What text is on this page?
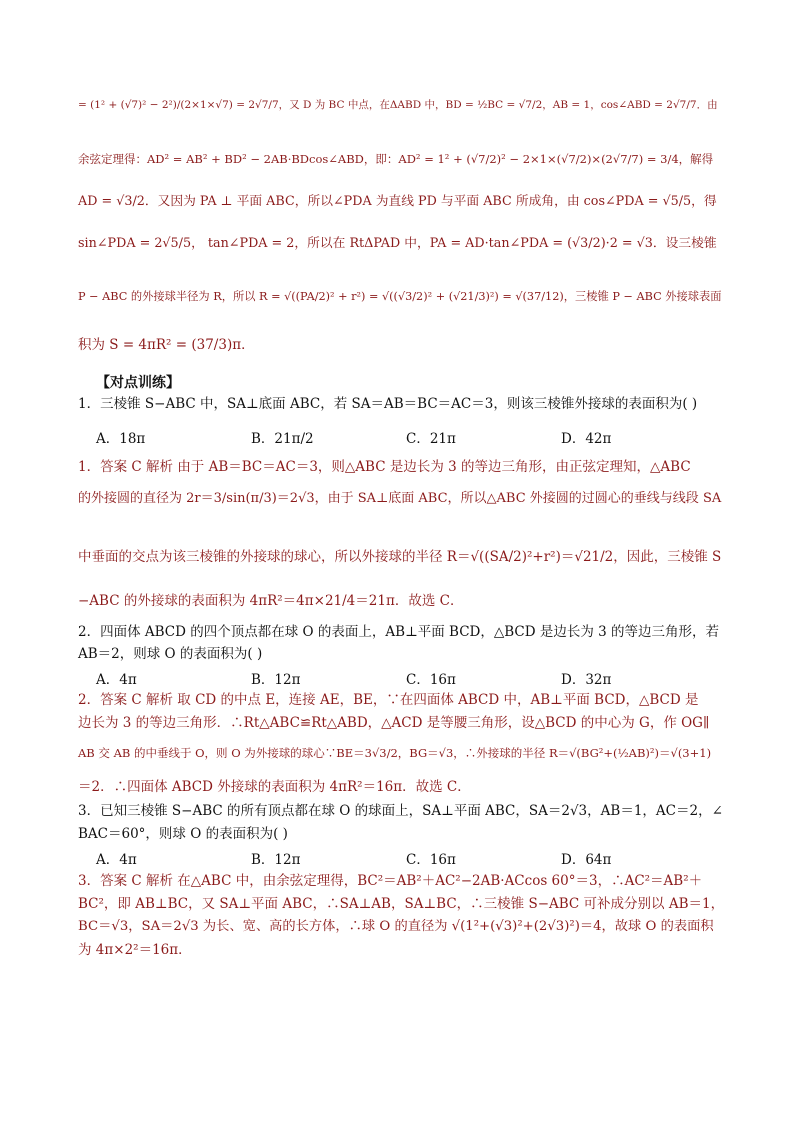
= (1² + (√7)² − 2²)/(2×1×√7) = 2√7/7，又 D 为 BC 中点，在ΔABD 中，BD = ½BC = √7/2，AB = 1，cos∠ABD = 2√7/7．由
余弦定理得：AD² = AB² + BD² − 2AB·BDcos∠ABD，即：AD² = 1² + (√7/2)² − 2×1×(√7/2)×(2√7/7) = 3/4，解得
AD = √3/2．又因为 PA ⊥ 平面 ABC，所以∠PDA 为直线 PD 与平面 ABC 所成角，由 cos∠PDA = √5/5，得
sin∠PDA = 2√5/5， tan∠PDA = 2，所以在 RtΔPAD 中，PA = AD·tan∠PDA = (√3/2)·2 = √3．设三棱锥
P − ABC 的外接球半径为 R，所以 R = √((PA/2)² + r²) = √((√3/2)² + (√21/3)²) = √(37/12)，三棱锥 P − ABC 外接球表面
积为 S = 4πR² = (37/3)π．
【对点训练】
1．三棱锥 S−ABC 中，SA⊥底面 ABC，若 SA＝AB＝BC＝AC＝3，则该三棱锥外接球的表面积为( )
A．18π	B．21π/2	C．21π	D．42π
1．答案 C 解析 由于 AB＝BC＝AC＝3，则△ABC 是边长为 3 的等边三角形，由正弦定理知，△ABC
的外接圆的直径为 2r＝3/sin(π/3)＝2√3，由于 SA⊥底面 ABC，所以△ABC 外接圆的过圆心的垂线与线段 SA
中垂面的交点为该三棱锥的外接球的球心，所以外接球的半径 R＝√((SA/2)²+r²)＝√21/2，因此，三棱锥 S
−ABC 的外接球的表面积为 4πR²＝4π×21/4＝21π．故选 C．
2．四面体 ABCD 的四个顶点都在球 O 的表面上，AB⊥平面 BCD，△BCD 是边长为 3 的等边三角形，若
AB＝2，则球 O 的表面积为( )
A．4π	B．12π	C．16π	D．32π
2．答案 C 解析 取 CD 的中点 E，连接 AE，BE，∵在四面体 ABCD 中，AB⊥平面 BCD，△BCD 是
边长为 3 的等边三角形．∴Rt△ABC≌Rt△ABD，△ACD 是等腰三角形，设△BCD 的中心为 G，作 OG∥
AB 交 AB 的中垂线于 O，则 O 为外接球的球心∵BE＝3√3/2，BG＝√3，∴外接球的半径 R＝√(BG²+(½AB)²)＝√(3+1)
＝2．∴四面体 ABCD 外接球的表面积为 4πR²＝16π．故选 C．
3．已知三棱锥 S−ABC 的所有顶点都在球 O 的球面上，SA⊥平面 ABC，SA＝2√3，AB＝1，AC＝2，∠
BAC＝60°，则球 O 的表面积为( )
A．4π	B．12π	C．16π	D．64π
3．答案 C 解析 在△ABC 中，由余弦定理得，BC²＝AB²＋AC²−2AB·ACcos 60°＝3，∴AC²＝AB²＋
BC²，即 AB⊥BC，又 SA⊥平面 ABC，∴SA⊥AB，SA⊥BC，∴三棱锥 S−ABC 可补成分别以 AB＝1，
BC＝√3，SA＝2√3 为长、宽、高的长方体，∴球 O 的直径为 √(1²+(√3)²+(2√3)²)＝4，故球 O 的表面积
为 4π×2²＝16π．
